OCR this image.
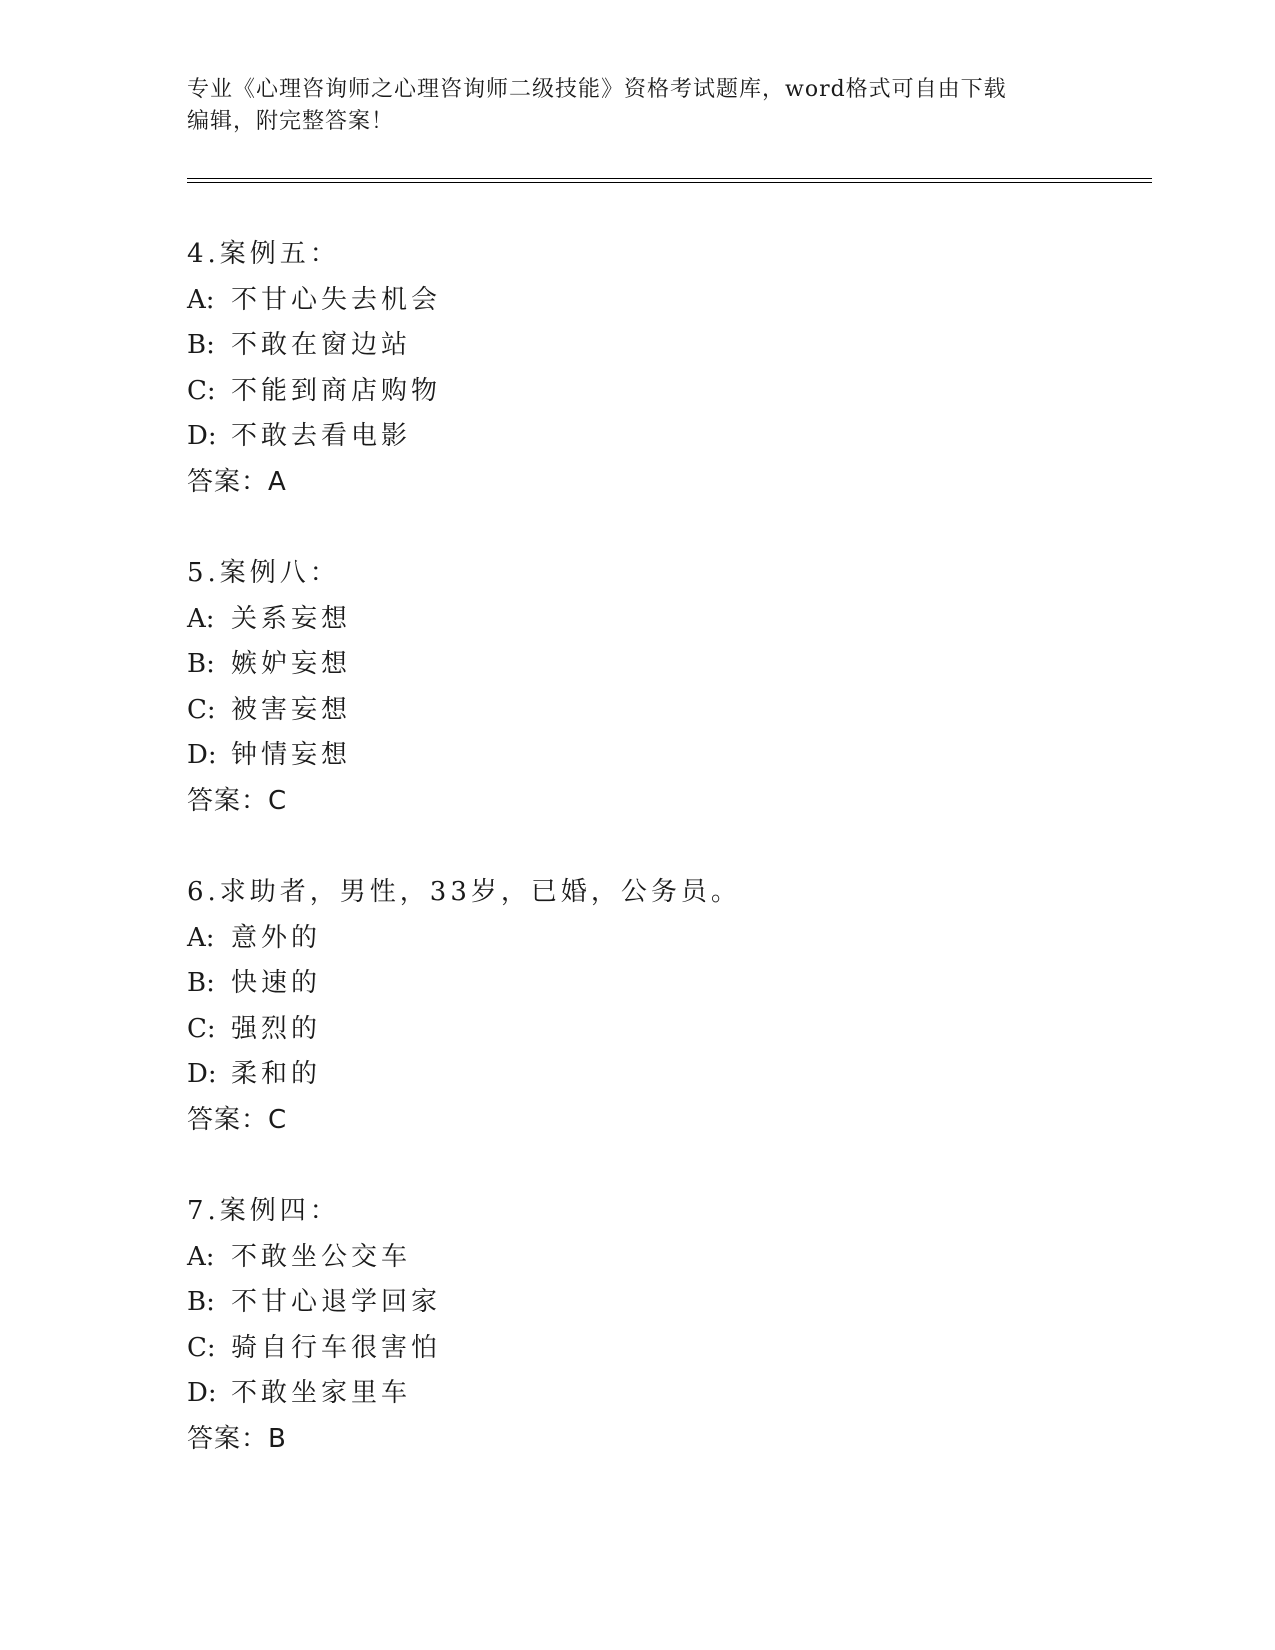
专业《心理咨询师之心理咨询师二级技能》资格考试题库，word格式可自由下载
编辑，附完整答案！
4.案例五：
A: 不甘心失去机会
B: 不敢在窗边站
C: 不能到商店购物
D: 不敢去看电影
答案：A
5.案例八：
A: 关系妄想
B: 嫉妒妄想
C: 被害妄想
D: 钟情妄想
答案：C
6.求助者，男性，33岁，已婚，公务员。
A: 意外的
B: 快速的
C: 强烈的
D: 柔和的
答案：C
7.案例四：
A: 不敢坐公交车
B: 不甘心退学回家
C: 骑自行车很害怕
D: 不敢坐家里车
答案：B
